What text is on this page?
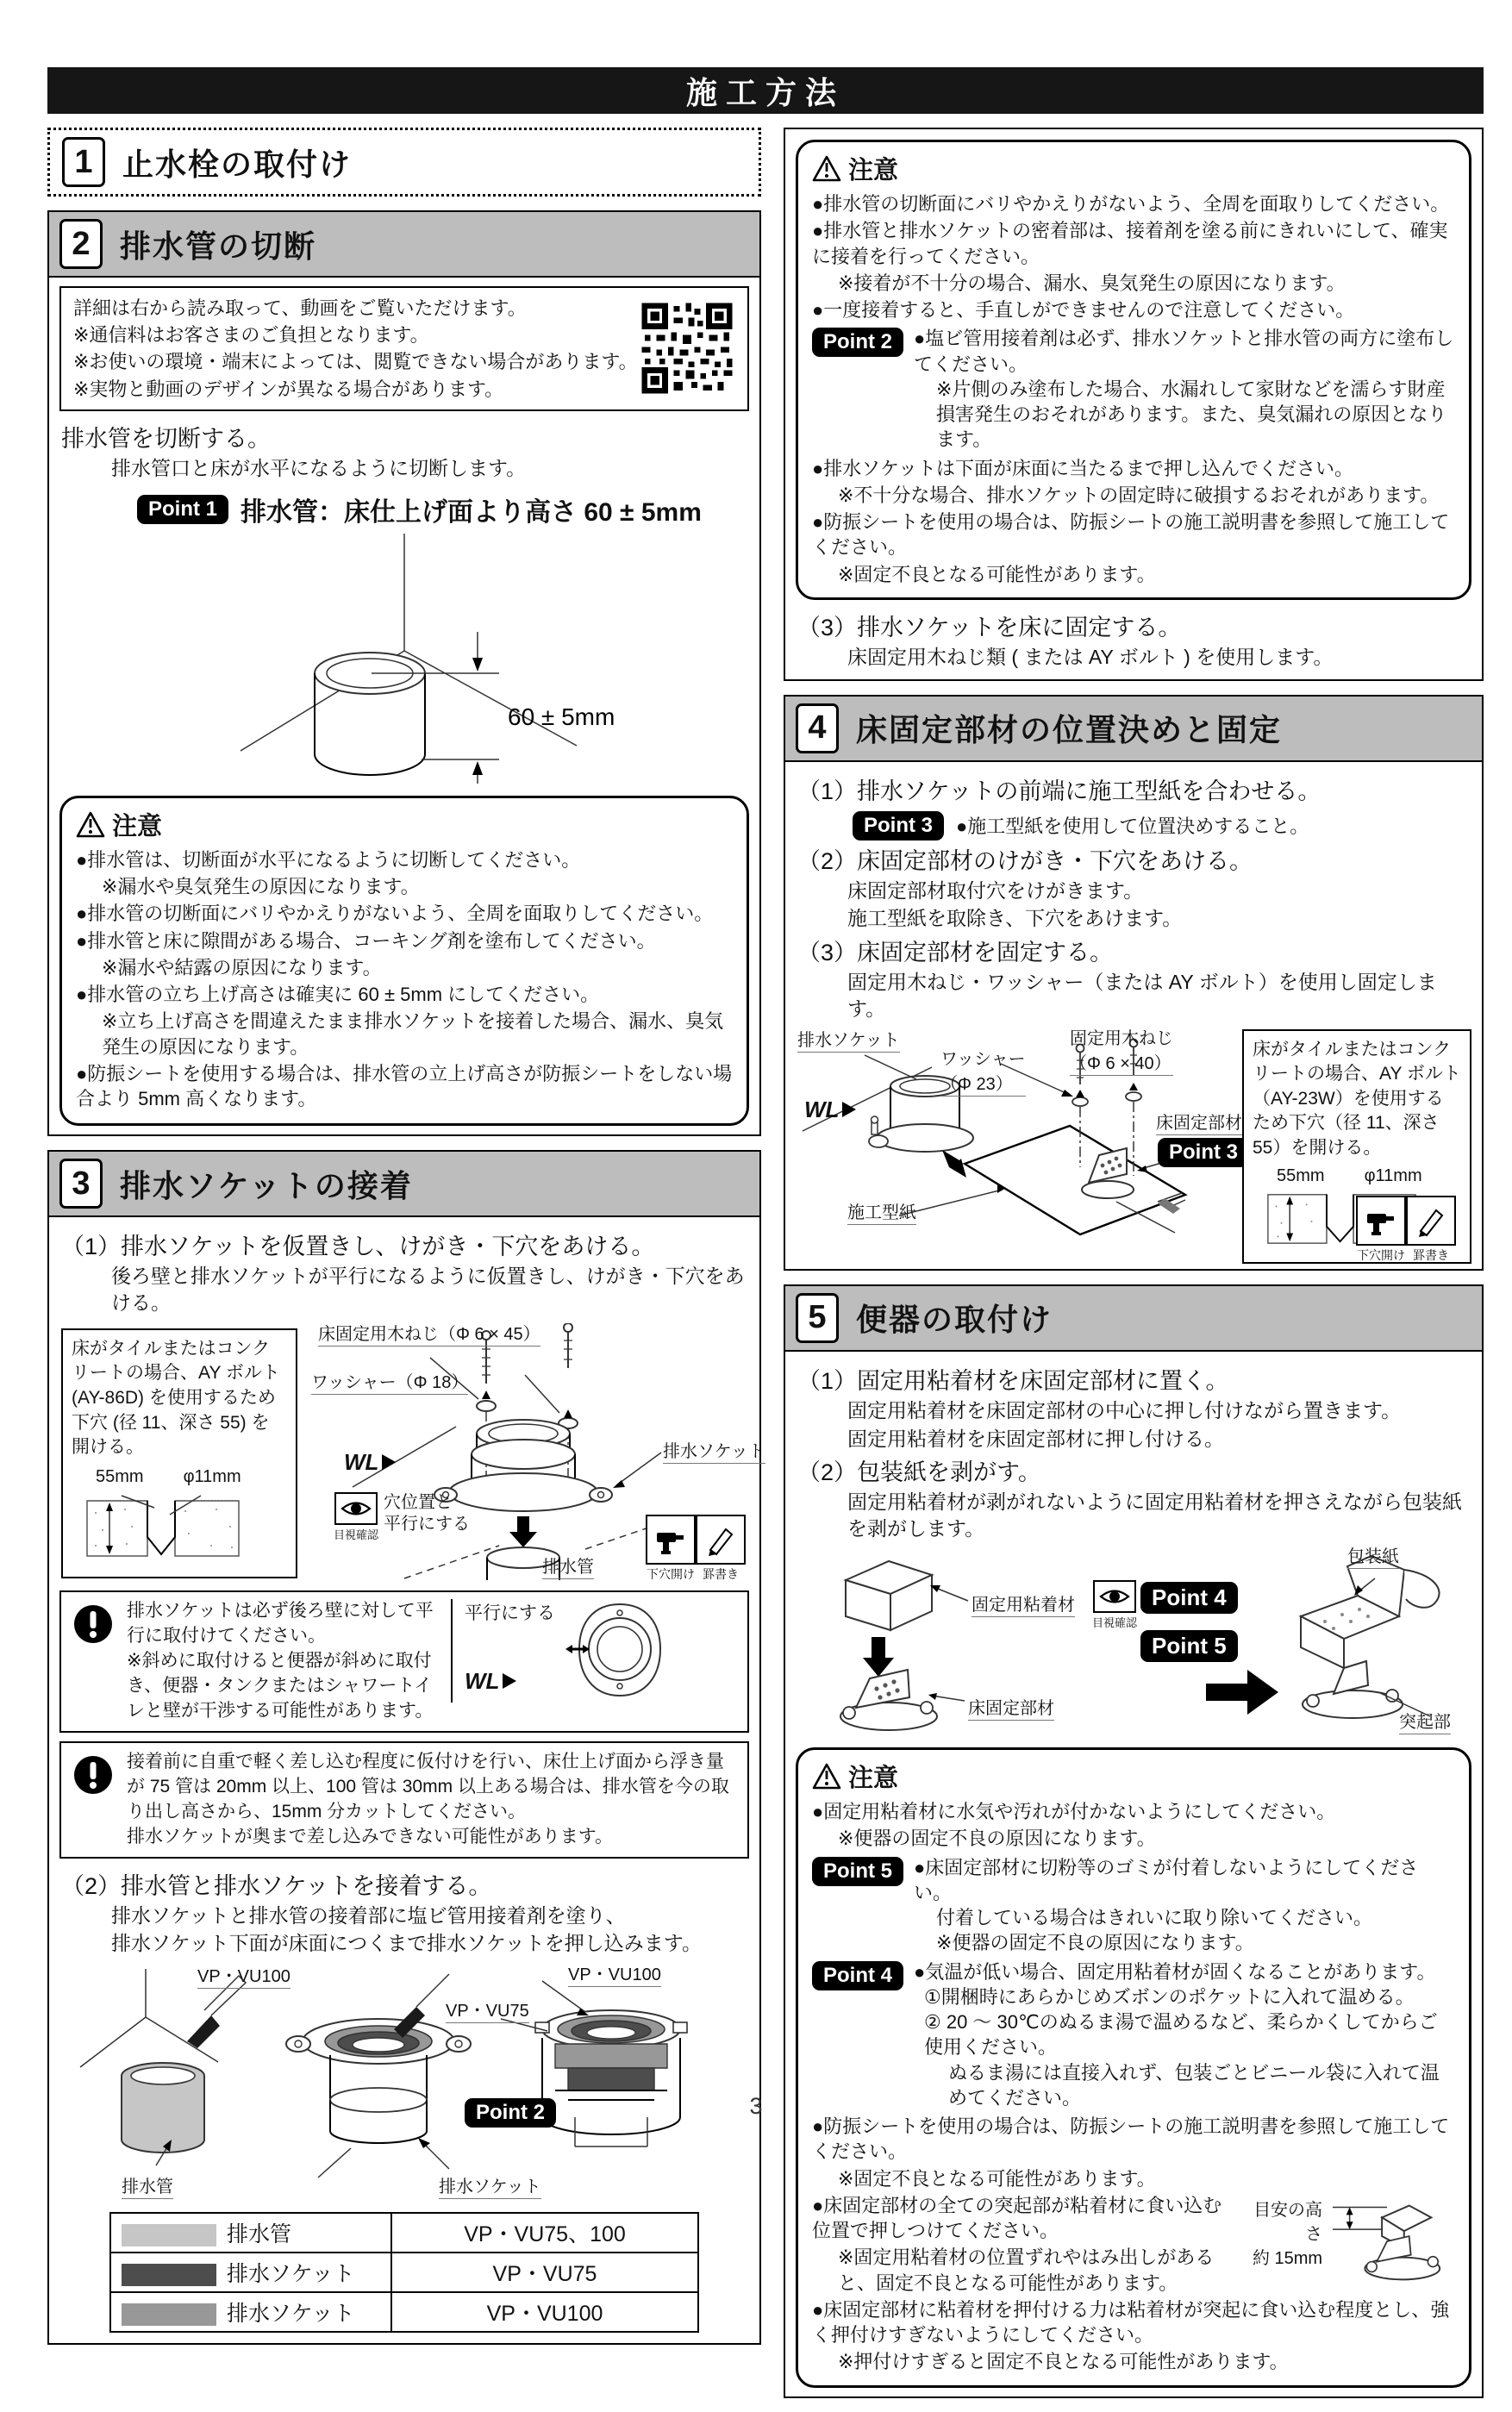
施工方法
1 止水栓の取付け
2 排水管の切断
詳細は右から読み取って、動画をご覧いただけます。
※通信料はお客さまのご負担となります。
※お使いの環境・端末によっては、閲覧できない場合があります。
※実物と動画のデザインが異なる場合があります。
排水管を切断する。
排水管口と床が水平になるように切断します。
Point 1 排水管：床仕上げ面より高さ 60 ± 5mm
60 ± 5mm
注意
●排水管は、切断面が水平になるように切断してください。
※漏水や臭気発生の原因になります。
●排水管の切断面にバリやかえりがないよう、全周を面取りしてください。
●排水管と床に隙間がある場合、コーキング剤を塗布してください。
※漏水や結露の原因になります。
●排水管の立ち上げ高さは確実に 60 ± 5mm にしてください。
※立ち上げ高さを間違えたまま排水ソケットを接着した場合、漏水、臭気発生の原因になります。
●防振シートを使用する場合は、排水管の立上げ高さが防振シートをしない場合より 5mm 高くなります。
3 排水ソケットの接着
（1）排水ソケットを仮置きし、けがき・下穴をあける。
後ろ壁と排水ソケットが平行になるように仮置きし、けがき・下穴をあける。
床がタイルまたはコンクリートの場合、AY ボルト (AY-86D) を使用するため下穴 (径 11、深さ 55) を開ける。
55mm φ11mm
床固定用木ねじ（Φ 6 × 45）
ワッシャー（Φ 18）
排水ソケット
目視確認
穴位置と
平行にする
WL
排水管	下穴開け 罫書き
排水ソケットは必ず後ろ壁に対して平行に取付けてください。
※斜めに取付けると便器が斜めに取付き、便器・タンクまたはシャワートイレと壁が干渉する可能性があります。
平行にする
WL
接着前に自重で軽く差し込む程度に仮付けを行い、床仕上げ面から浮き量が 75 管は 20mm 以上、100 管は 30mm 以上ある場合は、排水管を今の取り出し高さから、15mm 分カットしてください。
排水ソケットが奥まで差し込みできない可能性があります。
（2）排水管と排水ソケットを接着する。
排水ソケットと排水管の接着部に塩ビ管用接着剤を塗り、
排水ソケット下面が床面につくまで排水ソケットを押し込みます。
VP・VU100
VP・VU75
VP・VU100
Point 2
排水管	排水ソケット
排水管	VP・VU75、100
排水ソケット	VP・VU75
排水ソケット	VP・VU100
注意
●排水管の切断面にバリやかえりがないよう、全周を面取りしてください。
●排水管と排水ソケットの密着部は、接着剤を塗る前にきれいにして、確実に接着を行ってください。
※接着が不十分の場合、漏水、臭気発生の原因になります。
●一度接着すると、手直しができませんので注意してください。
Point 2	●塩ビ管用接着剤は必ず、排水ソケットと排水管の両方に塗布してください。
※片側のみ塗布した場合、水漏れして家財などを濡らす財産損害発生のおそれがあります。また、臭気漏れの原因となります。
●排水ソケットは下面が床面に当たるまで押し込んでください。
※不十分な場合、排水ソケットの固定時に破損するおそれがあります。
●防振シートを使用の場合は、防振シートの施工説明書を参照して施工してください。
※固定不良となる可能性があります。
（3）排水ソケットを床に固定する。
床固定用木ねじ類 ( または AY ボルト ) を使用します。
4 床固定部材の位置決めと固定
（1）排水ソケットの前端に施工型紙を合わせる。
Point 3	●施工型紙を使用して位置決めすること。
（2）床固定部材のけがき・下穴をあける。
床固定部材取付穴をけがきます。
施工型紙を取除き、下穴をあけます。
（3）床固定部材を固定する。
固定用木ねじ・ワッシャー（または AY ボルト）を使用し固定します。
排水ソケット
ワッシャー
（Φ 23）
固定用木ねじ
（Φ 6 × 40）
床固定部材
Point 3
施工型紙
WL
床がタイルまたはコンクリートの場合、AY ボルト（AY-23W）を使用するため下穴（径 11、深さ 55）を開ける。
55mm φ11mm
下穴開け 罫書き
5 便器の取付け
（1）固定用粘着材を床固定部材に置く。
固定用粘着材を床固定部材の中心に押し付けながら置きます。
固定用粘着材を床固定部材に押し付ける。
（2）包装紙を剥がす。
固定用粘着材が剥がれないように固定用粘着材を押さえながら包装紙を剥がします。
固定用粘着材
床固定部材
目視確認
Point 4
Point 5
包装紙
突起部
注意
●固定用粘着材に水気や汚れが付かないようにしてください。
※便器の固定不良の原因になります。
Point 5	●床固定部材に切粉等のゴミが付着しないようにしてください。
付着している場合はきれいに取り除いてください。
※便器の固定不良の原因になります。
Point 4	●気温が低い場合、固定用粘着材が固くなることがあります。
①開梱時にあらかじめズボンのポケットに入れて温める。
② 20 ～ 30℃のぬるま湯で温めるなど、柔らかくしてからご使用ください。
ぬるま湯には直接入れず、包装ごとビニール袋に入れて温めてください。
●防振シートを使用の場合は、防振シートの施工説明書を参照して施工してください。
※固定不良となる可能性があります。
●床固定部材の全ての突起部が粘着材に食い込む位置で押しつけてください。
※固定用粘着材の位置ずれやはみ出しがあると、固定不良となる可能性があります。
目安の高さ
約 15mm
●床固定部材に粘着材を押付ける力は粘着材が突起に食い込む程度とし、強く押付けすぎないようにしてください。
※押付けすぎると固定不良となる可能性があります。
3
